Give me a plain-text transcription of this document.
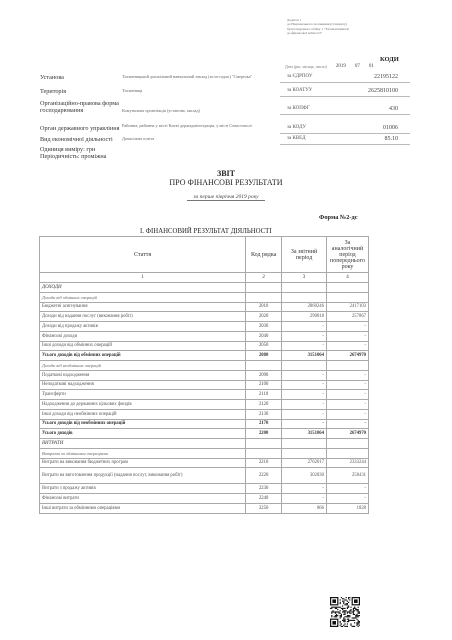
Додаток 1
до Національного положення (стандарту)
бухгалтерського обліку 1 "Загальні вимоги
до фінансової звітності"
КОДИ
Дата (рік, місяць, число) 2019 07 01
Установа	Тисменицький дошкільний навчальний заклад (ясла-садок) "Смерічка"	за ЄДРПОУ	22195122
Територія	Тисмениця	за КОАТУУ	2625810100
Організаційно-правова форма господарювання	Комунальна організація (установа, заклад)	за КОПФГ	430
Орган державного управління Районна, районна у місті Києві держадміністрація, у місті Севастополі	за КОДУ	01006
Вид економічної діяльності	Дошкільна освіта	за КВЕД	85.10
Одиниця виміру: грн
Періодичність: проміжна
ЗВІТ
ПРО ФІНАНСОВІ РЕЗУЛЬТАТИ
за перше півріччя 2019 року
Форма №2-дс
І. ФІНАНСОВИЙ РЕЗУЛЬТАТ ДІЯЛЬНОСТІ
Стаття	Код рядка	За звітний період	За аналогічний період попереднього року
1	2	3	4
ДОХОДИ			
Доходи від обмінних операцій			
Бюджетні асигнування	2010	2860246	2417103
Доходи від надання послуг (виконання робіт)	2020	290818	257867
Доходи від продажу активів	2030	-	-
Фінансові доходи	2040	-	-
Інші доходи від обмінних операцій	2050	-	-
Усього доходів від обмінних операцій	2080	3151064	2674970
Доходи від необмінних операцій			
Податкові надходження	2090	-	-
Неподаткові надходження	2100	-	-
Трансферти	2110	-	-
Надходження до державних цільових фондів	2120	-	-
Інші доходи від необмінних операцій	2130	-	-
Усього доходів від необмінних операцій	2170	-	-
Усього доходів	2200	3151064	2674970
ВИТРАТИ			
Витрати за обмінними операціями			
Витрати на виконання бюджетних програм	2210	2762017	2333244
Витрати на виготовлення продукції (надання послуг, виконання робіт)	2220	302830	258431
Витрати з продажу активів	2230	-	-
Фінансові витрати	2240	-	-
Інші витрати за обмінними операціями	2250	866	1828
